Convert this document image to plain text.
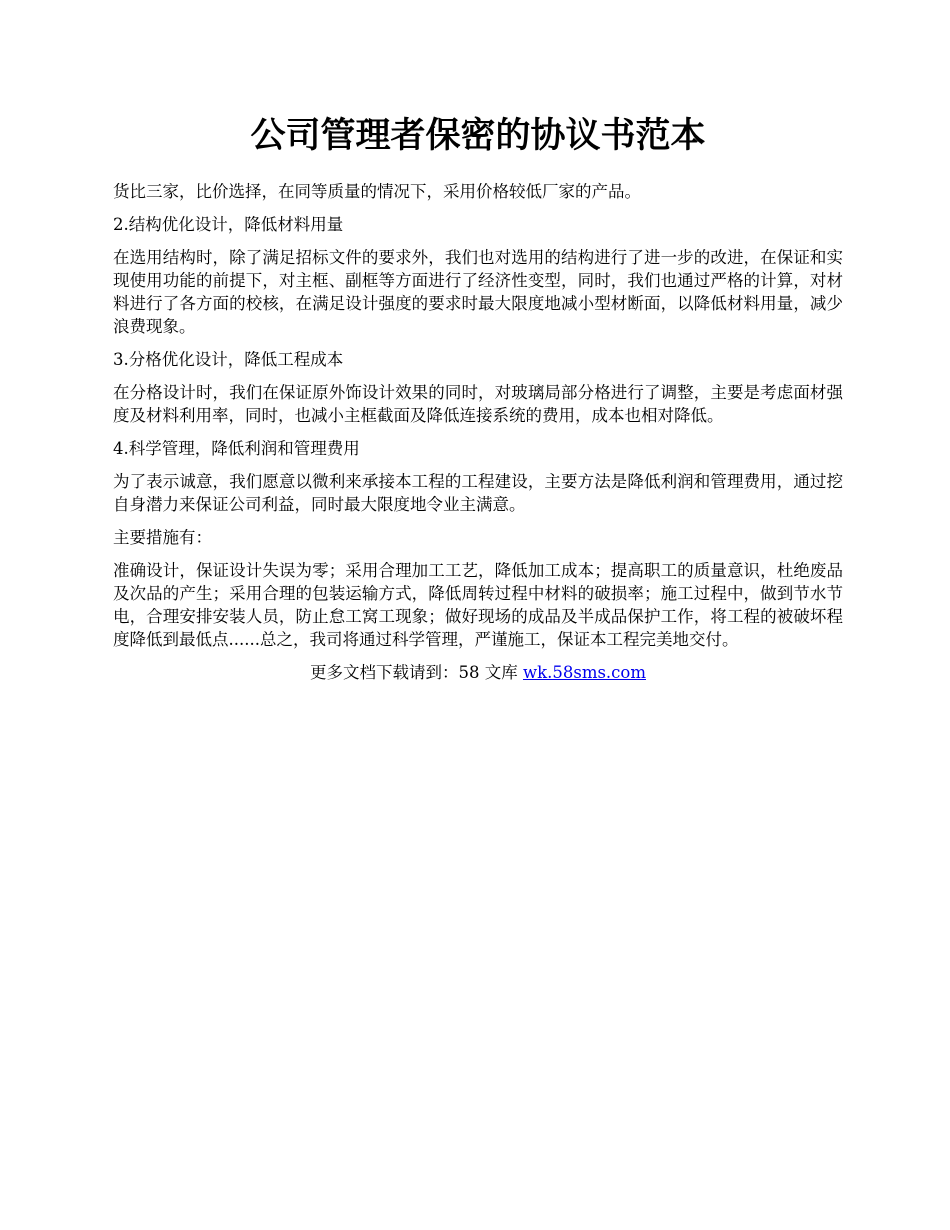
公司管理者保密的协议书范本

货比三家，比价选择，在同等质量的情况下，采用价格较低厂家的产品。

2.结构优化设计，降低材料用量

在选用结构时，除了满足招标文件的要求外，我们也对选用的结构进行了进一步的改进，在保证和实现使用功能的前提下，对主框、副框等方面进行了经济性变型，同时，我们也通过严格的计算，对材料进行了各方面的校核，在满足设计强度的要求时最大限度地减小型材断面，以降低材料用量，减少浪费现象。

3.分格优化设计，降低工程成本

在分格设计时，我们在保证原外饰设计效果的同时，对玻璃局部分格进行了调整，主要是考虑面材强度及材料利用率，同时，也减小主框截面及降低连接系统的费用，成本也相对降低。

4.科学管理，降低利润和管理费用

为了表示诚意，我们愿意以微利来承接本工程的工程建设，主要方法是降低利润和管理费用，通过挖自身潜力来保证公司利益，同时最大限度地令业主满意。

主要措施有：

准确设计，保证设计失误为零；采用合理加工工艺，降低加工成本；提高职工的质量意识，杜绝废品及次品的产生；采用合理的包装运输方式，降低周转过程中材料的破损率；施工过程中，做到节水节电，合理安排安装人员，防止怠工窝工现象；做好现场的成品及半成品保护工作，将工程的被破坏程度降低到最低点......总之，我司将通过科学管理，严谨施工，保证本工程完美地交付。

更多文档下载请到：58 文库 wk.58sms.com
